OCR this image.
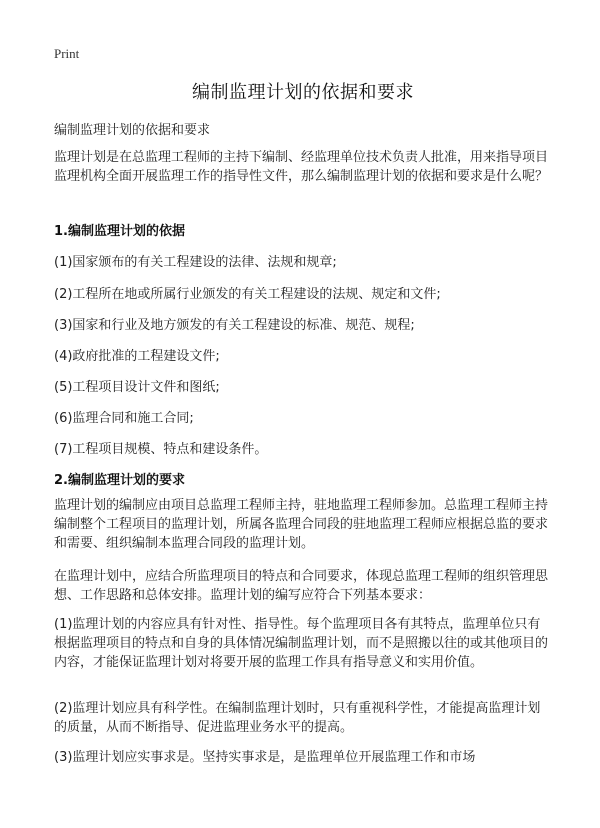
Print
编制监理计划的依据和要求
编制监理计划的依据和要求
监理计划是在总监理工程师的主持下编制、经监理单位技术负责人批准，用来指导项目监理机构全面开展监理工作的指导性文件，那么编制监理计划的依据和要求是什么呢？
1.编制监理计划的依据
(1)国家颁布的有关工程建设的法律、法规和规章;
(2)工程所在地或所属行业颁发的有关工程建设的法规、规定和文件;
(3)国家和行业及地方颁发的有关工程建设的标准、规范、规程;
(4)政府批准的工程建设文件;
(5)工程项目设计文件和图纸;
(6)监理合同和施工合同;
(7)工程项目规模、特点和建设条件。
2.编制监理计划的要求
监理计划的编制应由项目总监理工程师主持，驻地监理工程师参加。总监理工程师主持编制整个工程项目的监理计划，所属各监理合同段的驻地监理工程师应根据总监的要求和需要、组织编制本监理合同段的监理计划。
在监理计划中，应结合所监理项目的特点和合同要求，体现总监理工程师的组织管理思想、工作思路和总体安排。监理计划的编写应符合下列基本要求：
(1)监理计划的内容应具有针对性、指导性。每个监理项目各有其特点，监理单位只有根据监理项目的特点和自身的具体情况编制监理计划，而不是照搬以往的或其他项目的内容，才能保证监理计划对将要开展的监理工作具有指导意义和实用价值。
(2)监理计划应具有科学性。在编制监理计划时，只有重视科学性，才能提高监理计划的质量，从而不断指导、促进监理业务水平的提高。
(3)监理计划应实事求是。坚持实事求是，是监理单位开展监理工作和市场
